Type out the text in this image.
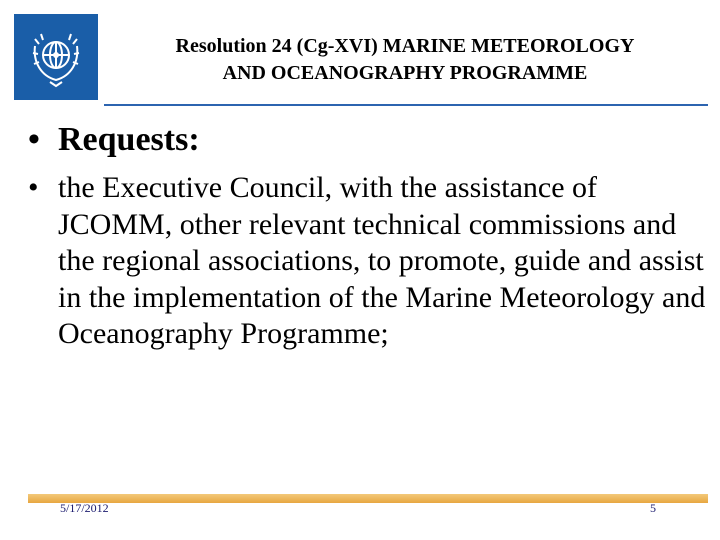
Resolution 24 (Cg-XVI) MARINE METEOROLOGY
AND OCEANOGRAPHY PROGRAMME
• Requests:
• the Executive Council, with the assistance of JCOMM, other relevant technical commissions and the regional associations, to promote, guide and assist in the implementation of the Marine Meteorology and Oceanography Programme;
5/17/2012	5
